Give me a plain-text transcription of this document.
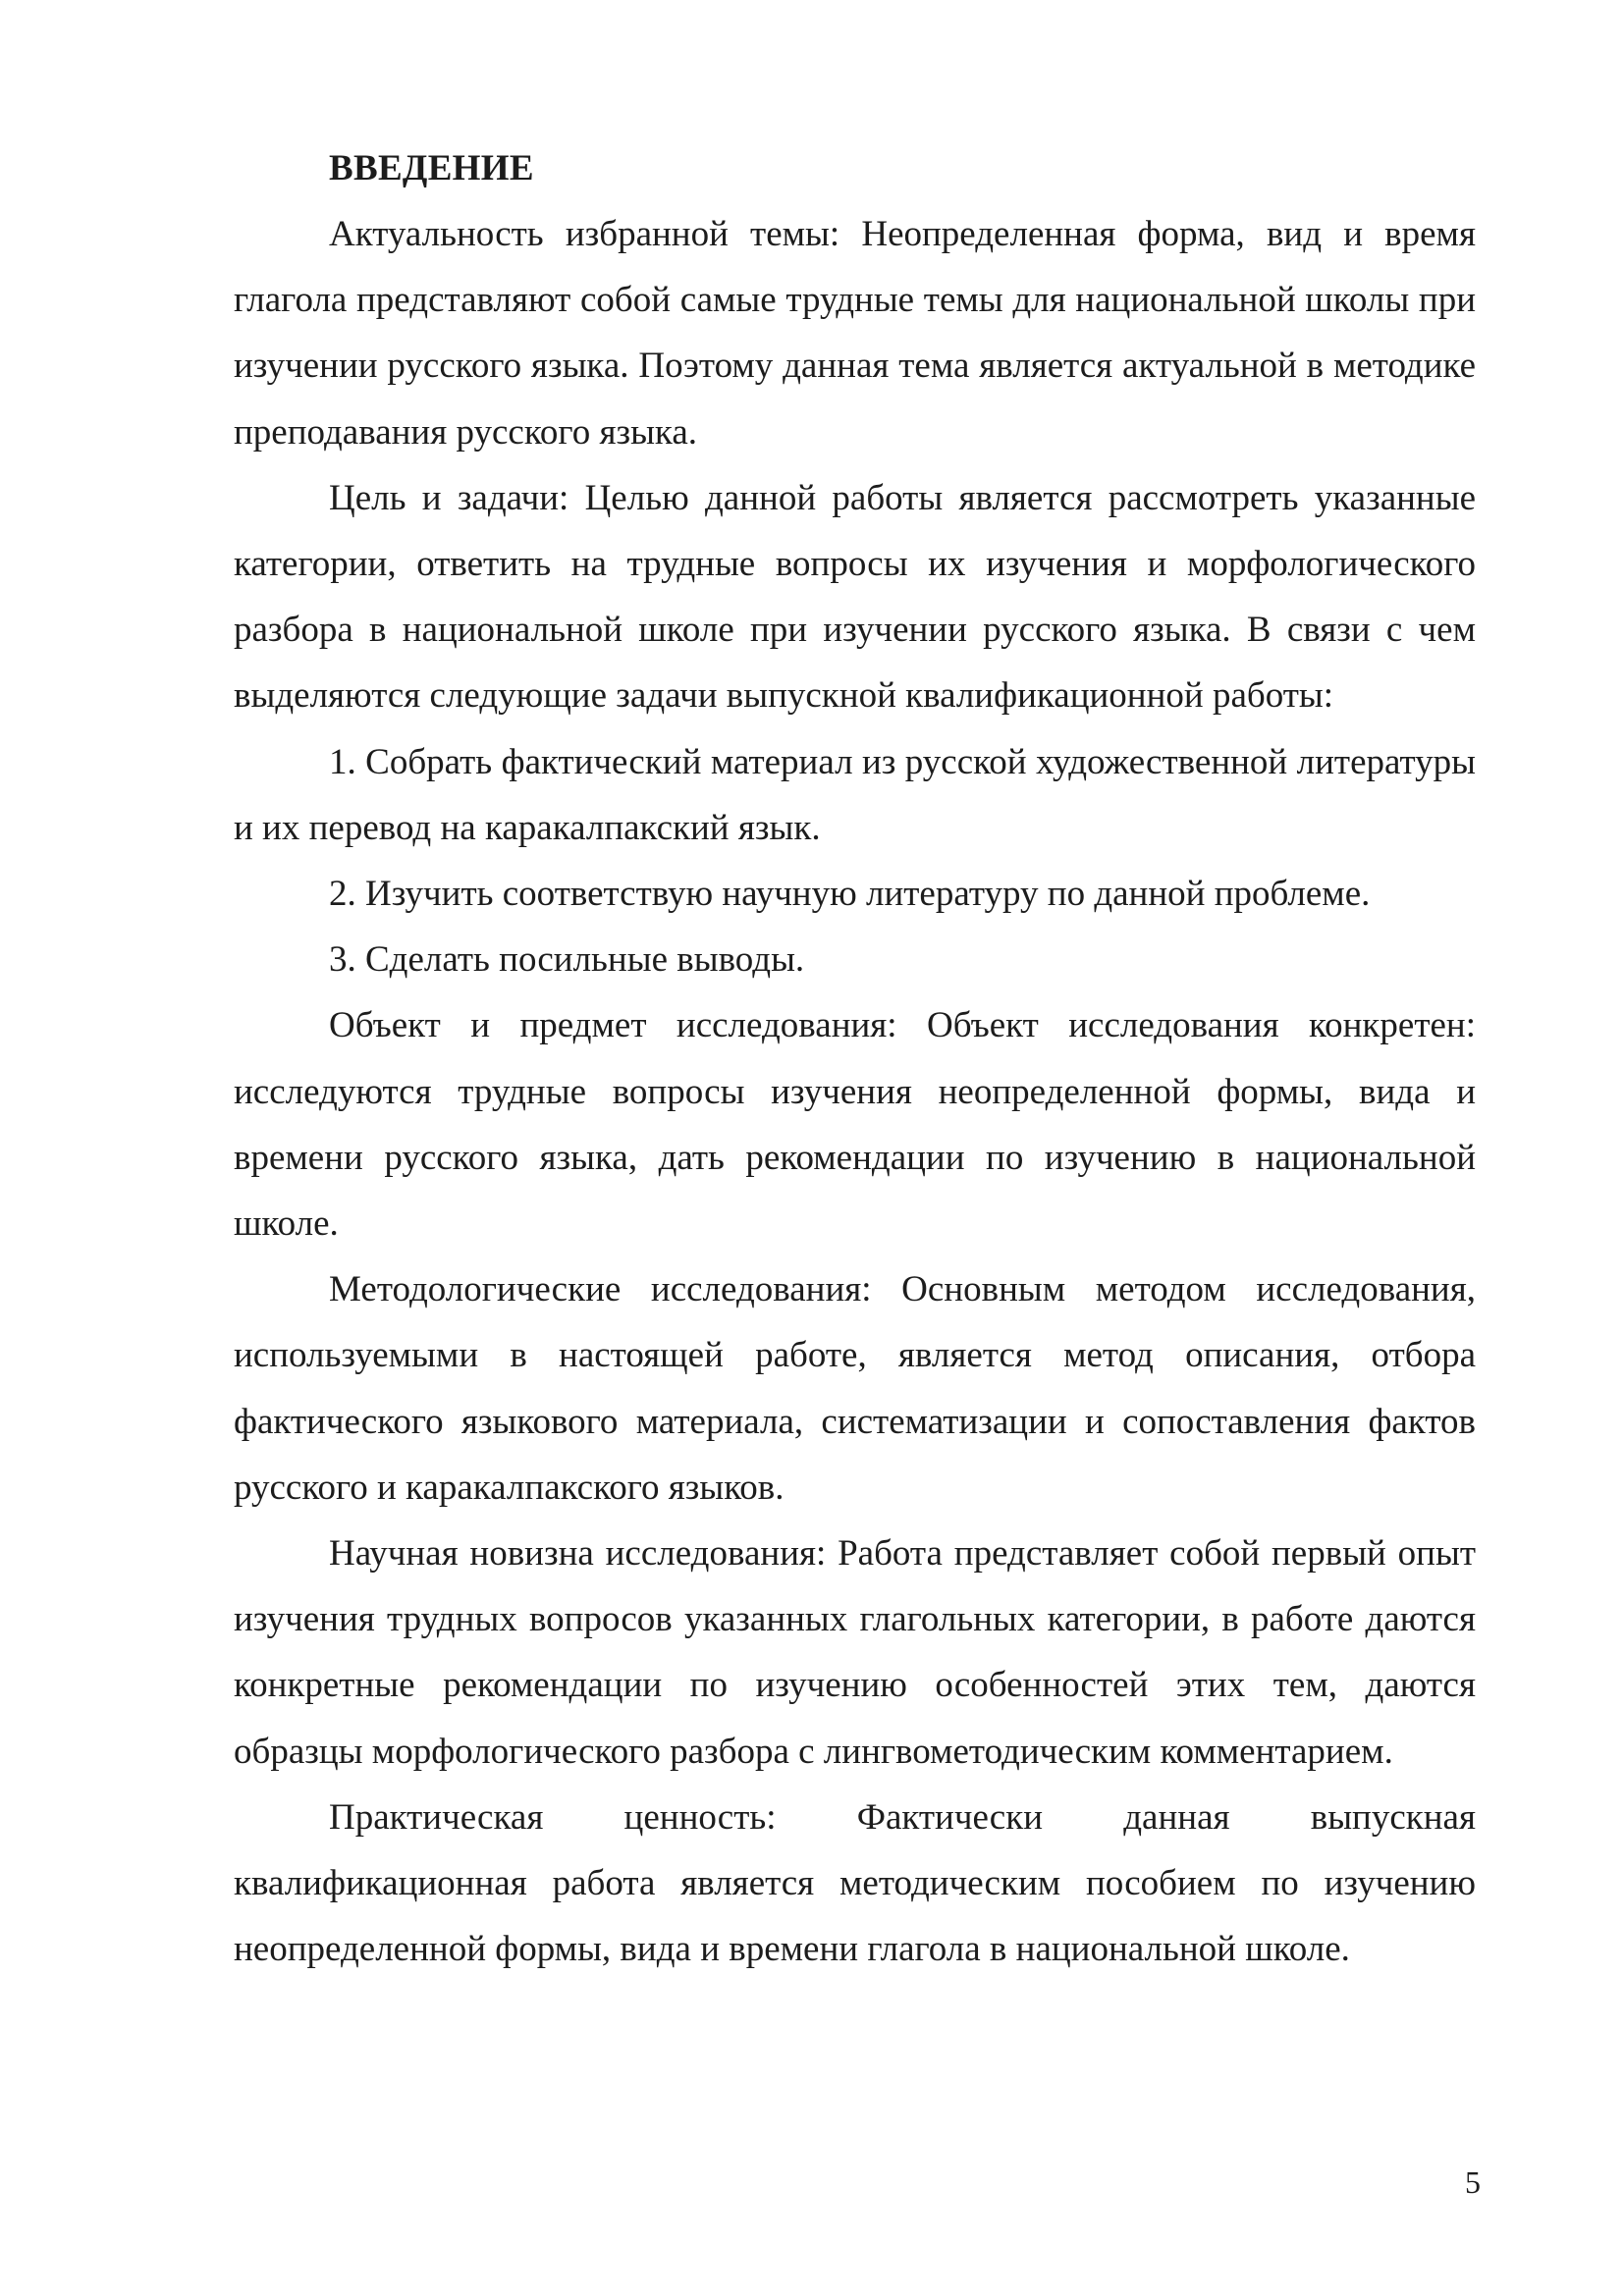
ВВЕДЕНИЕ

Актуальность избранной темы: Неопределенная форма, вид и время глагола представляют собой самые трудные темы для национальной школы при изучении русского языка. Поэтому данная тема является актуальной в методике преподавания русского языка.

Цель и задачи: Целью данной работы является рассмотреть указанные категории, ответить на трудные вопросы их изучения и морфологического разбора в национальной школе при изучении русского языка. В связи с чем выделяются следующие задачи выпускной квалификационной работы:

1. Собрать фактический материал из русской художественной литературы и их перевод на каракалпакский язык.

2. Изучить соответствую научную литературу по данной проблеме.

3. Сделать посильные выводы.

Объект и предмет исследования: Объект исследования конкретен: исследуются трудные вопросы изучения неопределенной формы, вида и времени русского языка, дать рекомендации по изучению в национальной школе.

Методологические исследования: Основным методом исследования, используемыми в настоящей работе, является метод описания, отбора фактического языкового материала, систематизации и сопоставления фактов русского и каракалпакского языков.

Научная новизна исследования: Работа представляет собой первый опыт изучения трудных вопросов указанных глагольных категории, в работе даются конкретные рекомендации по изучению особенностей этих тем, даются образцы морфологического разбора с лингвометодическим комментарием.

Практическая ценность: Фактически данная выпускная квалификационная работа является методическим пособием по изучению неопределенной формы, вида и времени глагола в национальной школе.

5
